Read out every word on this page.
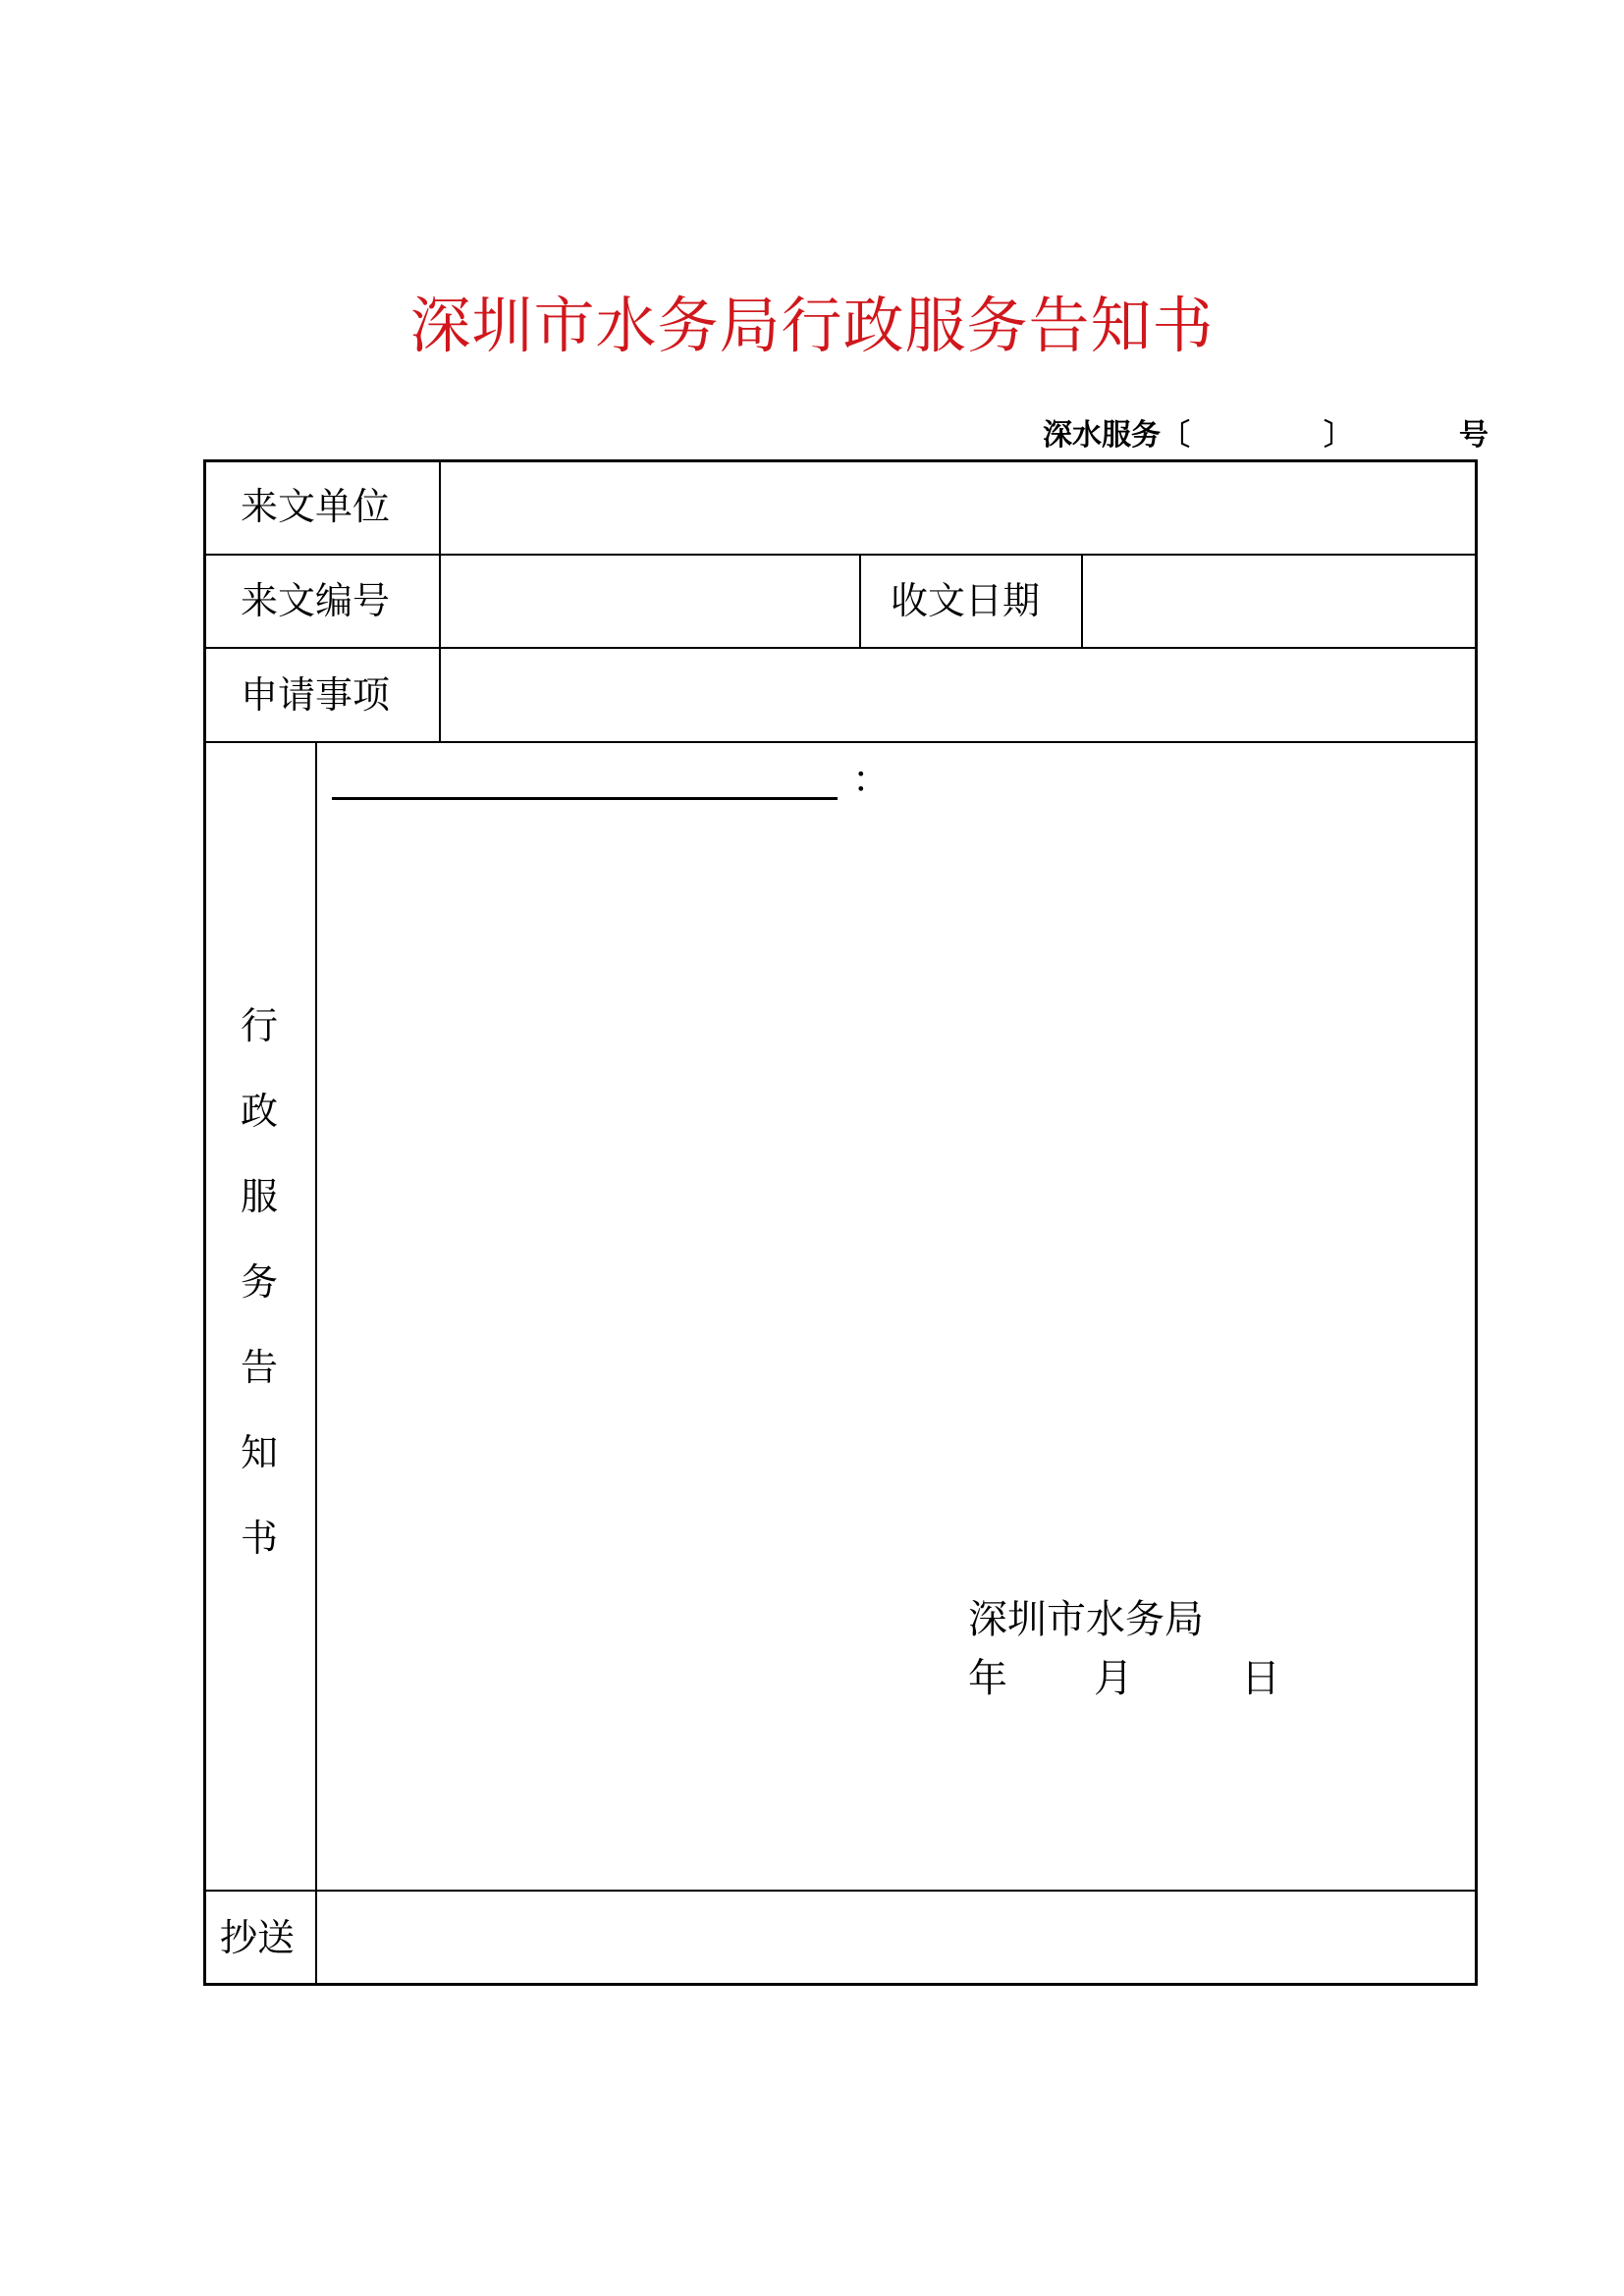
深圳市水务局行政服务告知书
深水服务〔	〕	号
来文单位
来文编号	收文日期
申请事项
行
政
服
务
告
知
书
：
深圳市水务局
年 月	日
抄送
